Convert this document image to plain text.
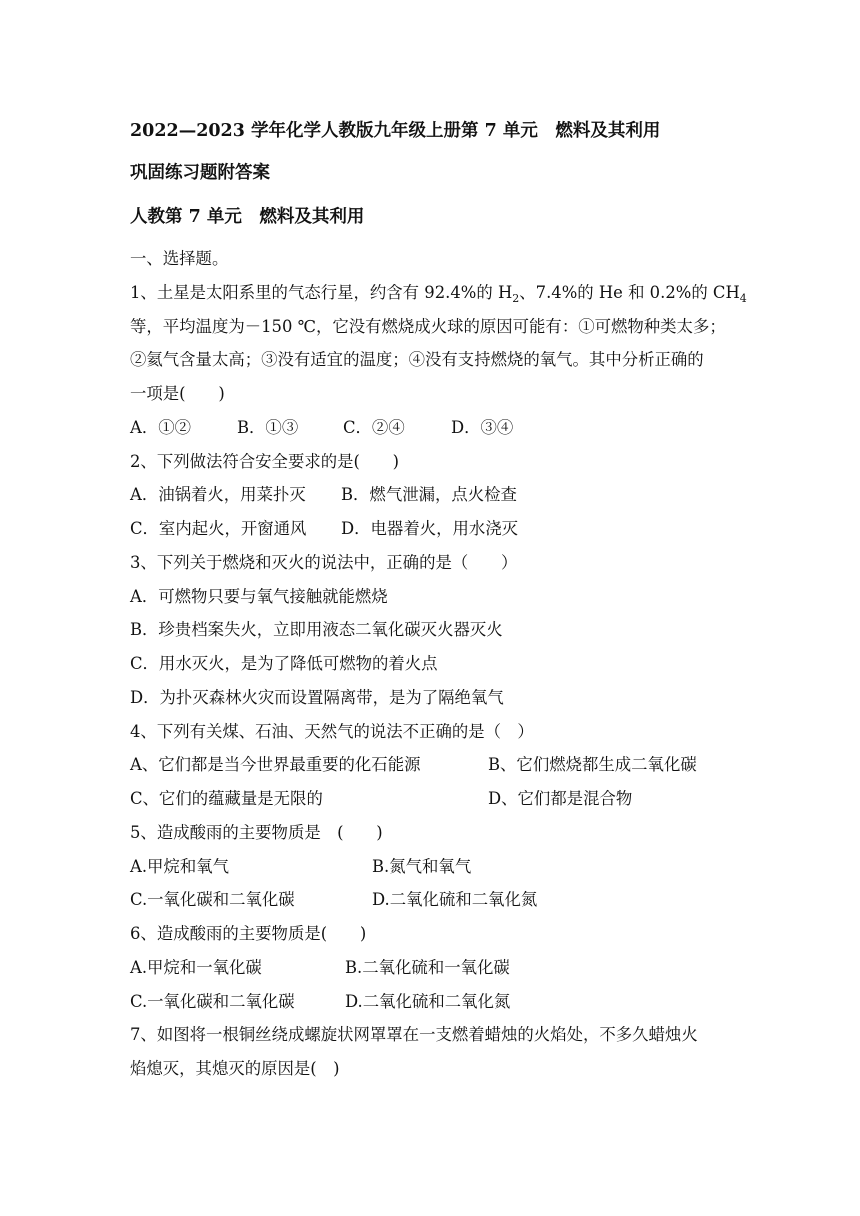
2022—2023 学年化学人教版九年级上册第 7 单元　燃料及其利用
巩固练习题附答案
人教第 7 单元　燃料及其利用
一、选择题。
1、土星是太阳系里的气态行星，约含有 92.4%的 $H_2$、7.4%的 He 和 0.2%的 $CH_4$
等，平均温度为－150 ℃，它没有燃烧成火球的原因可能有：①可燃物种类太多；
②氦气含量太高；③没有适宜的温度；④没有支持燃烧的氧气。其中分析正确的
一项是(　　)
A．①②	B．①③	C．②④	D．③④
2、下列做法符合安全要求的是(　　)
A．油锅着火，用菜扑灭 B．燃气泄漏，点火检查
C．室内起火，开窗通风 D．电器着火，用水浇灭
3、下列关于燃烧和灭火的说法中，正确的是（　　）
A．可燃物只要与氧气接触就能燃烧
B．珍贵档案失火，立即用液态二氧化碳灭火器灭火
C．用水灭火，是为了降低可燃物的着火点
D．为扑灭森林火灾而设置隔离带，是为了隔绝氧气
4、下列有关煤、石油、天然气的说法不正确的是（　）
A、它们都是当今世界最重要的化石能源	B、它们燃烧都生成二氧化碳
C、它们的蕴藏量是无限的	D、它们都是混合物
5、造成酸雨的主要物质是　(　　)
A.甲烷和氧气	B.氮气和氧气
C.一氧化碳和二氧化碳	D.二氧化硫和二氧化氮
6、造成酸雨的主要物质是(　　)
A.甲烷和一氧化碳	B.二氧化硫和一氧化碳
C.一氧化碳和二氧化碳	D.二氧化硫和二氧化氮
7、如图将一根铜丝绕成螺旋状网罩罩在一支燃着蜡烛的火焰处，不多久蜡烛火
焰熄灭，其熄灭的原因是(　)
